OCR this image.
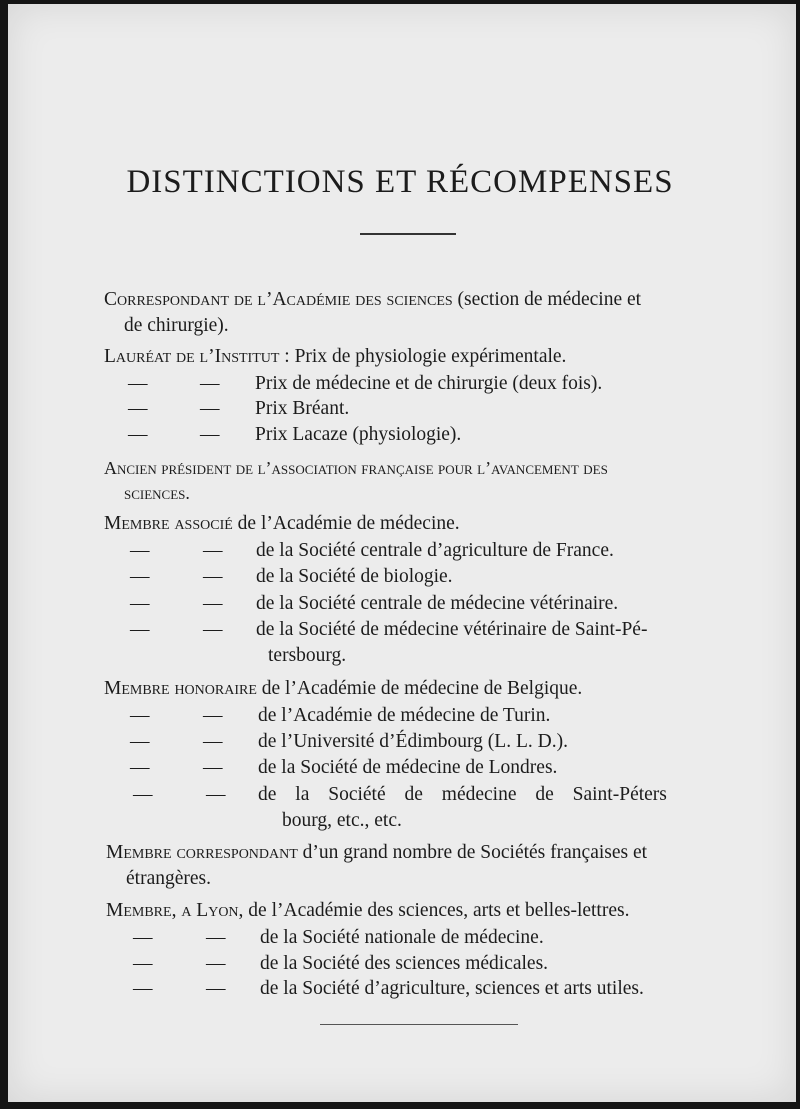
DISTINCTIONS ET RÉCOMPENSES
Correspondant de l’Académie des sciences (section de médecine et
de chirurgie).
Lauréat de l’Institut : Prix de physiologie expérimentale.
—	— Prix de médecine et de chirurgie (deux fois).
—	— Prix Bréant.
—	— Prix Lacaze (physiologie).
Ancien président de l’association française pour l’avancement des
sciences.
Membre associé de l’Académie de médecine.
—	— de la Société centrale d’agriculture de France.
—	— de la Société de biologie.
—	— de la Société centrale de médecine vétérinaire.
—	— de la Société de médecine vétérinaire de Saint-Pé-
tersbourg.
Membre honoraire de l’Académie de médecine de Belgique.
—	— de l’Académie de médecine de Turin.
—	— de l’Université d’Édimbourg (L. L. D.).
—	— de la Société de médecine de Londres.
—	— de la Société de médecine de Saint-Péters
bourg, etc., etc.
Membre correspondant d’un grand nombre de Sociétés françaises et
étrangères.
Membre, a Lyon, de l’Académie des sciences, arts et belles-lettres.
—	— de la Société nationale de médecine.
—	— de la Société des sciences médicales.
—	— de la Société d’agriculture, sciences et arts utiles.
